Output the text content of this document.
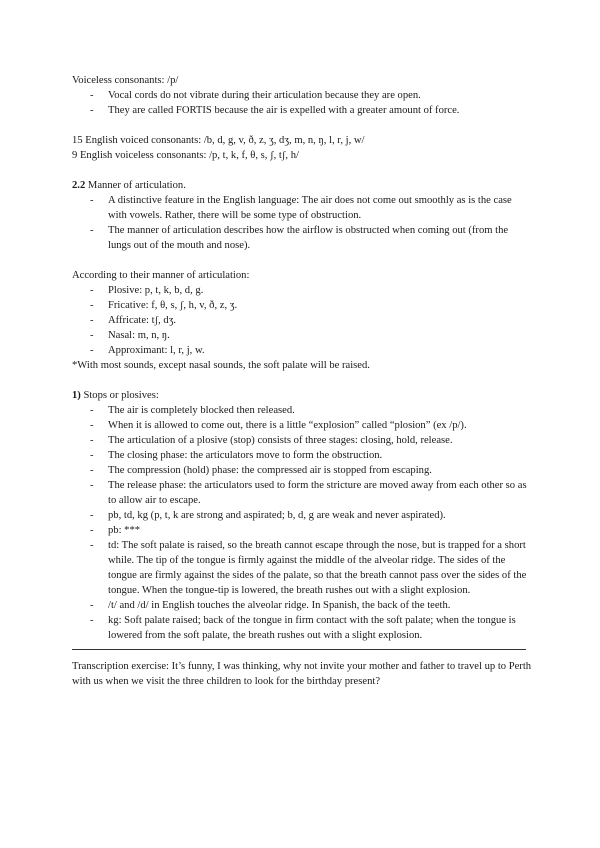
Voiceless consonants: /p/

- Vocal cords do not vibrate during their articulation because they are open.
- They are called FORTIS because the air is expelled with a greater amount of force.

15 English voiced consonants: /b, d, g, v, ð, z, ʒ, dʒ, m, n, ŋ, l, r, j, w/

9 English voiceless consonants: /p, t, k, f, θ, s, ʃ, tʃ, h/

2.2 Manner of articulation.

- A distinctive feature in the English language: The air does not come out smoothly as is the case with vowels. Rather, there will be some type of obstruction.
- The manner of articulation describes how the airflow is obstructed when coming out (from the lungs out of the mouth and nose).

According to their manner of articulation:

- Plosive: p, t, k, b, d, g.
- Fricative: f, θ, s, ʃ, h, v, ð, z, ʒ.
- Affricate: tʃ, dʒ.
- Nasal: m, n, ŋ.
- Approximant: l, r, j, w.

*With most sounds, except nasal sounds, the soft palate will be raised.

1) Stops or plosives:

- The air is completely blocked then released.
- When it is allowed to come out, there is a little “explosion” called “plosion” (ex /p/).
- The articulation of a plosive (stop) consists of three stages: closing, hold, release.
- The closing phase: the articulators move to form the obstruction.
- The compression (hold) phase: the compressed air is stopped from escaping.
- The release phase: the articulators used to form the stricture are moved away from each other so as to allow air to escape.
- pb, td, kg (p, t, k are strong and aspirated; b, d, g are weak and never aspirated).
- pb: ***
- td: The soft palate is raised, so the breath cannot escape through the nose, but is trapped for a short while. The tip of the tongue is firmly against the middle of the alveolar ridge. The sides of the tongue are firmly against the sides of the palate, so that the breath cannot pass over the sides of the tongue. When the tongue-tip is lowered, the breath rushes out with a slight explosion.
- /t/ and /d/ in English touches the alveolar ridge. In Spanish, the back of the teeth.
- kg: Soft palate raised; back of the tongue in firm contact with the soft palate; when the tongue is lowered from the soft palate, the breath rushes out with a slight explosion.

Transcription exercise: It’s funny, I was thinking, why not invite your mother and father to travel up to Perth with us when we visit the three children to look for the birthday present?
